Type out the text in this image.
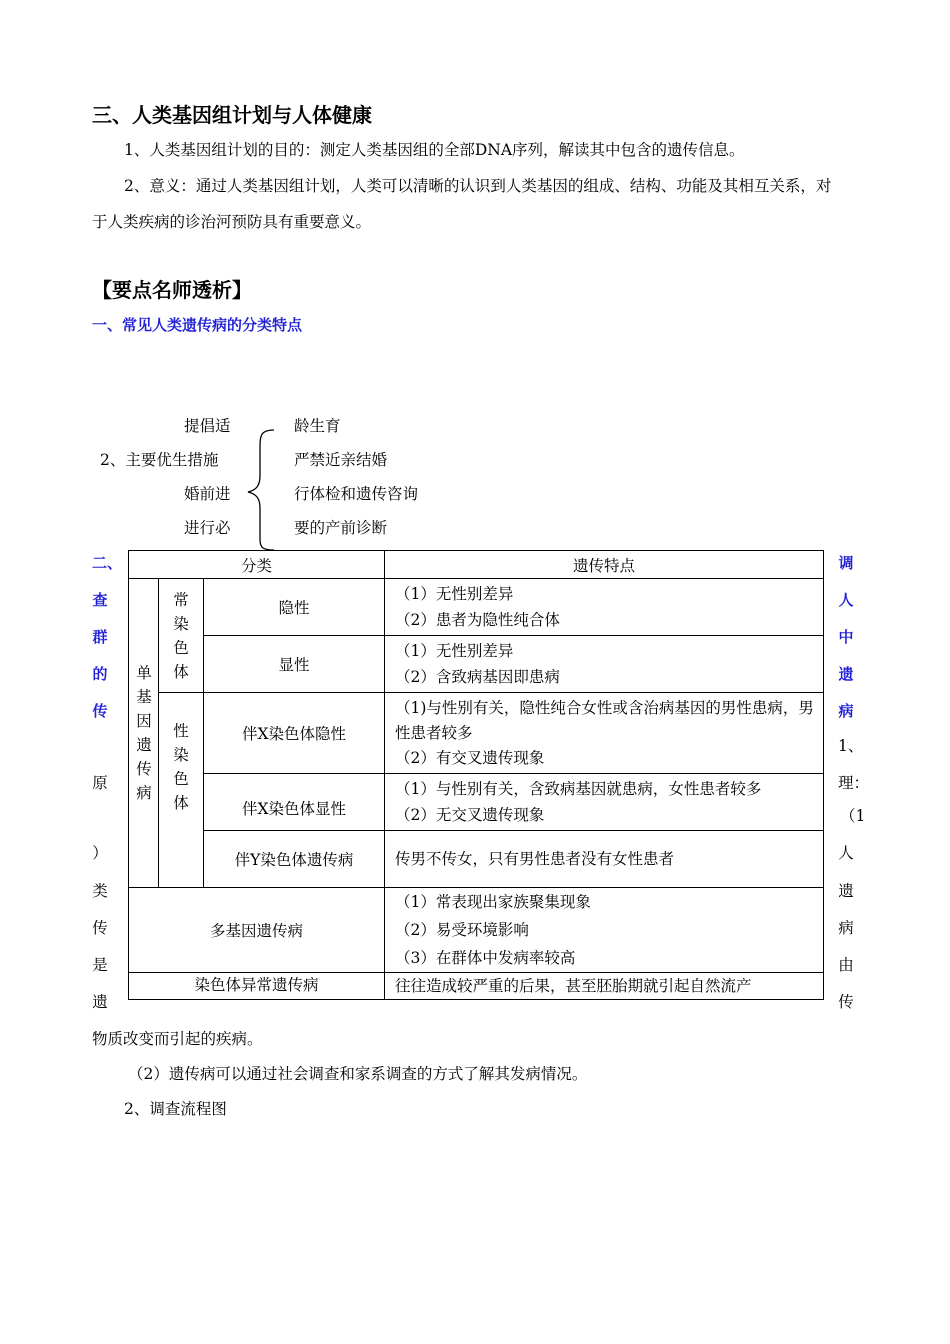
三、人类基因组计划与人体健康
1、人类基因组计划的目的：测定人类基因组的全部DNA序列，解读其中包含的遗传信息。
2、意义：通过人类基因组计划，人类可以清晰的认识到人类基因的组成、结构、功能及其相互关系，对
于人类疾病的诊治河预防具有重要意义。
【要点名师透析】
一、常见人类遗传病的分类特点
提倡适
2、主要优生措施
婚前进
进行必
龄生育
严禁近亲结婚
行体检和遗传咨询
要的产前诊断
二、
查
群
的
传
原
）
类
传
是
遗
调
人
中
遗
病
1、
理：
（1
人
遗
病
由
传
分类			遗传特点

单基因遗传病	常染色体	隐性	（1）无性别差异
（2）患者为隐性纯合体

		显性	（1）无性别差异
（2）含致病基因即患病

	性染色体	伴X染色体隐性	（1)与性别有关，隐性纯合女性或含治病基因的男性患病，男性患者较多
（2）有交叉遗传现象

		伴X染色体显性	（1）与性别有关，含致病基因就患病，女性患者较多
（2）无交叉遗传现象

		伴Y染色体遗传病	传男不传女，只有男性患者没有女性患者
多基因遗传病			（1）常表现出家族聚集现象
（2）易受环境影响
（3）在群体中发病率较高

染色体异常遗传病			往往造成较严重的后果，甚至胚胎期就引起自然流产
物质改变而引起的疾病。
（2）遗传病可以通过社会调查和家系调查的方式了解其发病情况。
2、调查流程图
